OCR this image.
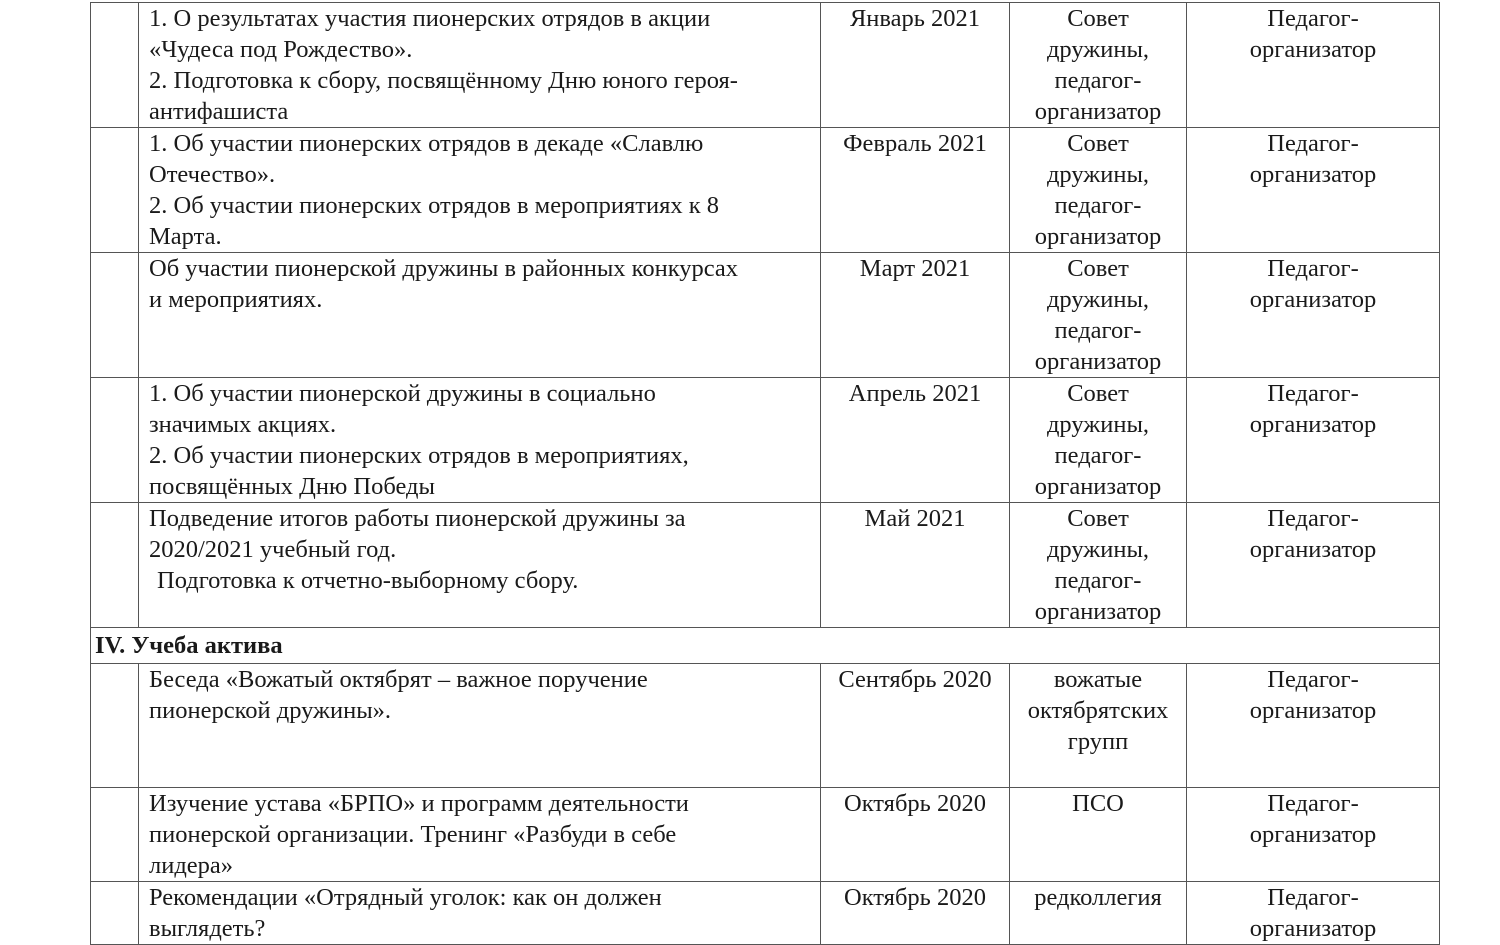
	1. О результатах участия пионерских отрядов в акции
«Чудеса под Рождество».
2. Подготовка к сбору, посвящённому Дню юного героя-
антифашиста	Январь 2021	Совет
дружины,
педагог-
организатор	Педагог-
организатор

	1. Об участии пионерских отрядов в декаде «Славлю
Отечество».
2. Об участии пионерских отрядов в мероприятиях к 8
Марта.	Февраль 2021	Совет
дружины,
педагог-
организатор	Педагог-
организатор

	Об участии пионерской дружины в районных конкурсах
и мероприятиях.	Март 2021	Совет
дружины,
педагог-
организатор	Педагог-
организатор

	1. Об участии пионерской дружины в социально
значимых акциях.
2. Об участии пионерских отрядов в мероприятиях,
посвящённых Дню Победы	Апрель 2021	Совет
дружины,
педагог-
организатор	Педагог-
организатор

	Подведение итогов работы пионерской дружины за
2020/2021 учебный год.
Подготовка к отчетно-выборному сбору.	Май 2021	Совет
дружины,
педагог-
организатор	Педагог-
организатор

IV. Учеба актива				

	Беседа «Вожатый октябрят – важное поручение
пионерской дружины».	Сентябрь 2020	вожатые
октябрятских
групп	Педагог-
организатор

	Изучение устава «БРПО» и программ деятельности
пионерской организации. Тренинг «Разбуди в себе
лидера»	Октябрь 2020	ПСО	Педагог-
организатор

	Рекомендации «Отрядный уголок: как он должен
выглядеть?	Октябрь 2020	редколлегия	Педагог-
организатор
